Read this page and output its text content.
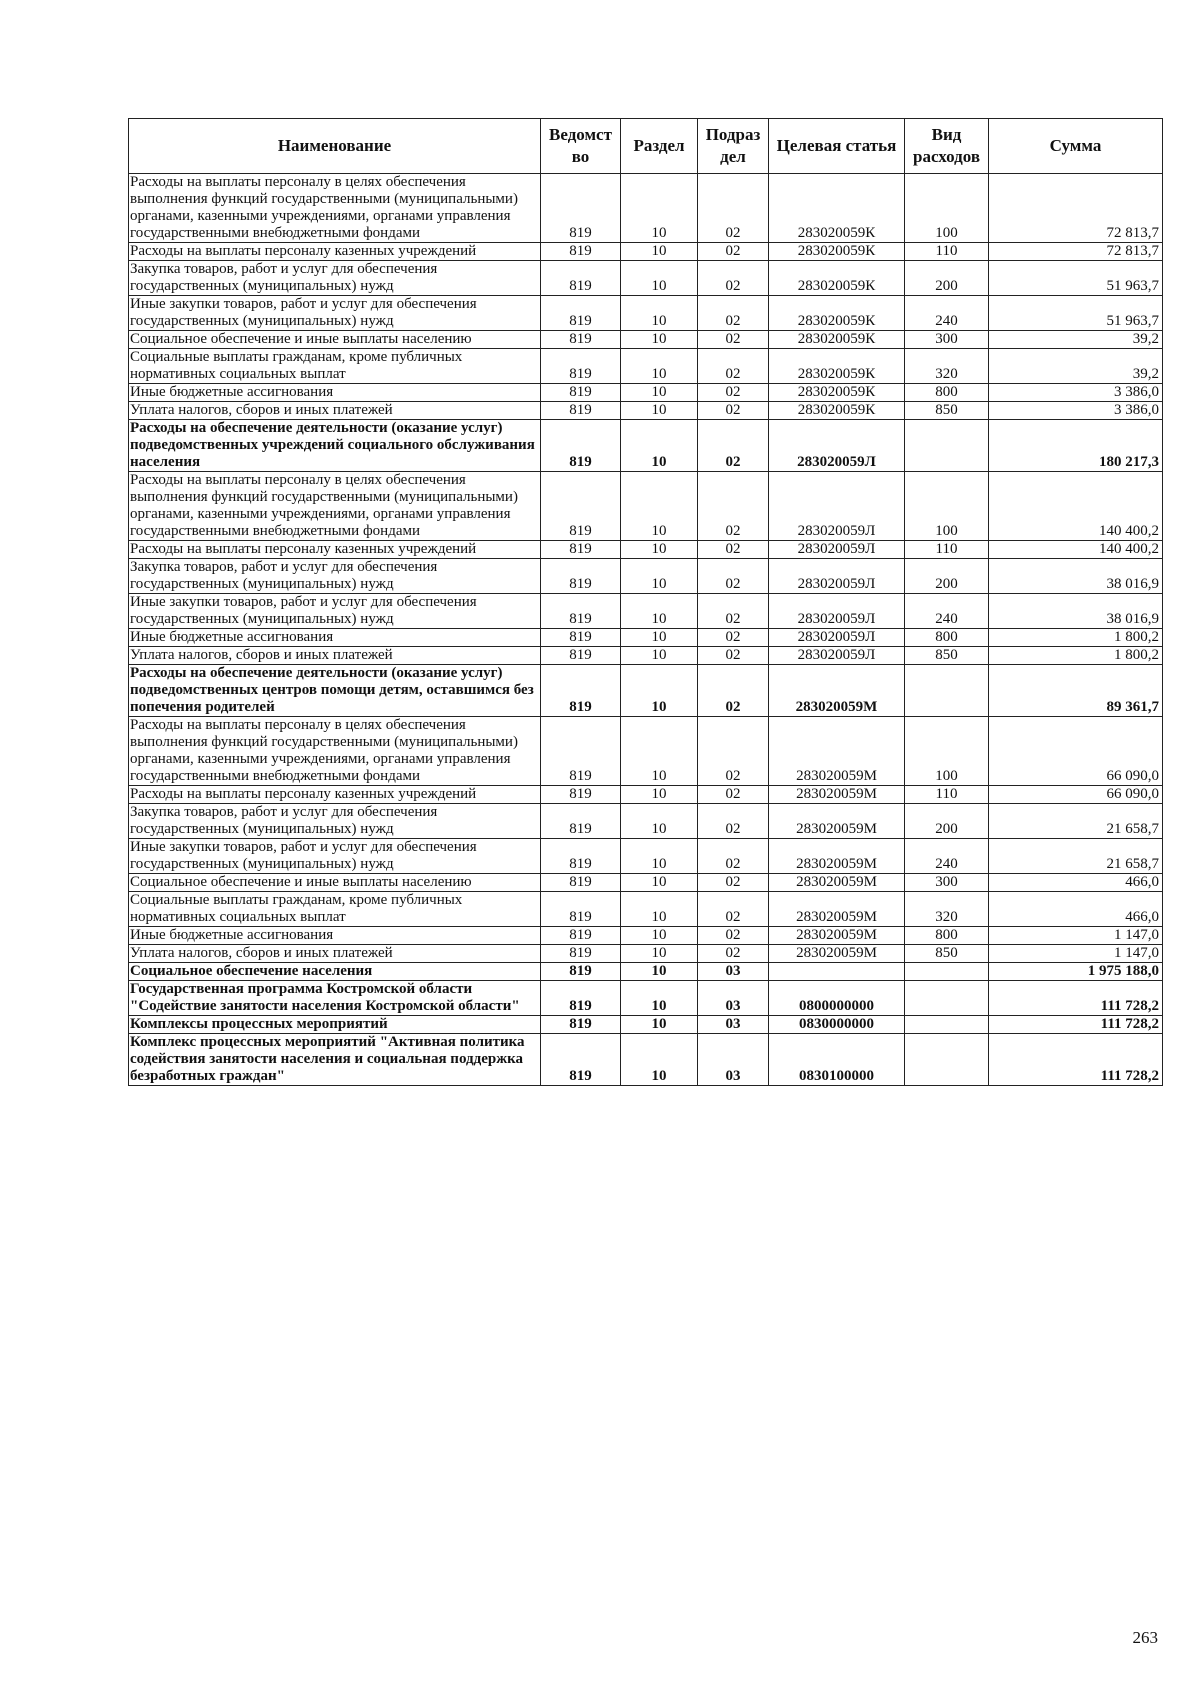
Наименование	Ведомст во	Раздел	Подраз дел	Целевая статья	Вид расходов	Сумма
Расходы на выплаты персоналу в целях обеспечения выполнения функций государственными (муниципальными) органами, казенными учреждениями, органами управления государственными внебюджетными фондами	819	10	02	283020059К	100	72 813,7
Расходы на выплаты персоналу казенных учреждений	819	10	02	283020059К	110	72 813,7
Закупка товаров, работ и услуг для обеспечения государственных (муниципальных) нужд	819	10	02	283020059К	200	51 963,7
Иные закупки товаров, работ и услуг для обеспечения государственных (муниципальных) нужд	819	10	02	283020059К	240	51 963,7
Социальное обеспечение и иные выплаты населению	819	10	02	283020059К	300	39,2
Социальные выплаты гражданам, кроме публичных нормативных социальных выплат	819	10	02	283020059К	320	39,2
Иные бюджетные ассигнования	819	10	02	283020059К	800	3 386,0
Уплата налогов, сборов и иных платежей	819	10	02	283020059К	850	3 386,0
Расходы на обеспечение деятельности (оказание услуг) подведомственных учреждений социального обслуживания населения	819	10	02	283020059Л		180 217,3
Расходы на выплаты персоналу в целях обеспечения выполнения функций государственными (муниципальными) органами, казенными учреждениями, органами управления государственными внебюджетными фондами	819	10	02	283020059Л	100	140 400,2
Расходы на выплаты персоналу казенных учреждений	819	10	02	283020059Л	110	140 400,2
Закупка товаров, работ и услуг для обеспечения государственных (муниципальных) нужд	819	10	02	283020059Л	200	38 016,9
Иные закупки товаров, работ и услуг для обеспечения государственных (муниципальных) нужд	819	10	02	283020059Л	240	38 016,9
Иные бюджетные ассигнования	819	10	02	283020059Л	800	1 800,2
Уплата налогов, сборов и иных платежей	819	10	02	283020059Л	850	1 800,2
Расходы на обеспечение деятельности (оказание услуг) подведомственных центров помощи детям, оставшимся без попечения родителей	819	10	02	283020059М		89 361,7
Расходы на выплаты персоналу в целях обеспечения выполнения функций государственными (муниципальными) органами, казенными учреждениями, органами управления государственными внебюджетными фондами	819	10	02	283020059М	100	66 090,0
Расходы на выплаты персоналу казенных учреждений	819	10	02	283020059М	110	66 090,0
Закупка товаров, работ и услуг для обеспечения государственных (муниципальных) нужд	819	10	02	283020059М	200	21 658,7
Иные закупки товаров, работ и услуг для обеспечения государственных (муниципальных) нужд	819	10	02	283020059М	240	21 658,7
Социальное обеспечение и иные выплаты населению	819	10	02	283020059М	300	466,0
Социальные выплаты гражданам, кроме публичных нормативных социальных выплат	819	10	02	283020059М	320	466,0
Иные бюджетные ассигнования	819	10	02	283020059М	800	1 147,0
Уплата налогов, сборов и иных платежей	819	10	02	283020059М	850	1 147,0
Социальное обеспечение населения	819	10	03			1 975 188,0
Государственная программа Костромской области "Содействие занятости населения Костромской области"	819	10	03	0800000000		111 728,2
Комплексы процессных мероприятий	819	10	03	0830000000		111 728,2
Комплекс процессных мероприятий "Активная политика содействия занятости населения и социальная поддержка безработных граждан"	819	10	03	0830100000		111 728,2
263
